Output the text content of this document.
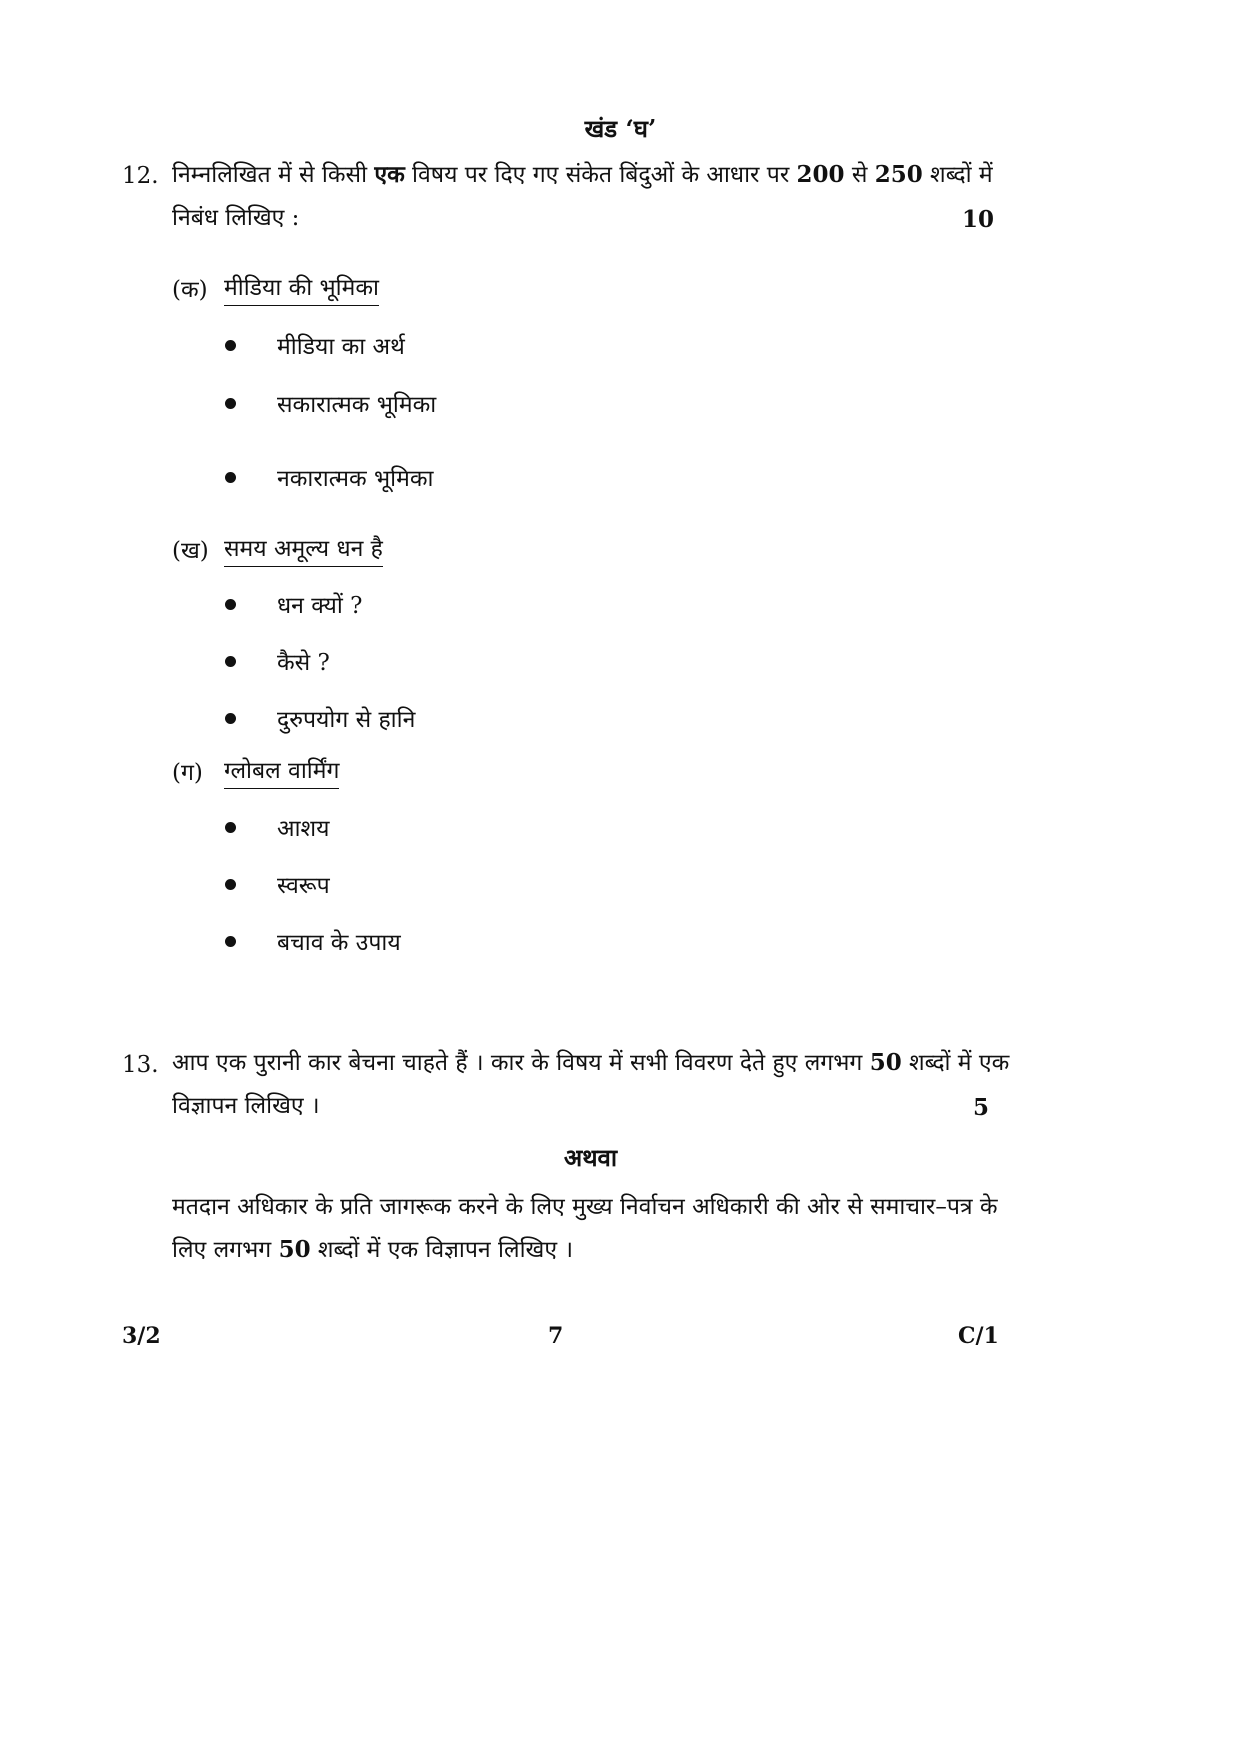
खंड ‘घ’
12. निम्नलिखित में से किसी एक विषय पर दिए गए संकेत बिंदुओं के आधार पर 200 से 250 शब्दों में
निबंध लिखिए :	10
(क) मीडिया की भूमिका
मीडिया का अर्थ
सकारात्मक भूमिका
नकारात्मक भूमिका
(ख) समय अमूल्य धन है
धन क्यों ?
कैसे ?
दुरुपयोग से हानि
(ग) ग्लोबल वार्मिंग
आशय
स्वरूप
बचाव के उपाय
13. आप एक पुरानी कार बेचना चाहते हैं । कार के विषय में सभी विवरण देते हुए लगभग 50 शब्दों में एक
विज्ञापन लिखिए ।	5
अथवा
मतदान अधिकार के प्रति जागरूक करने के लिए मुख्य निर्वाचन अधिकारी की ओर से समाचार–पत्र के
लिए लगभग 50 शब्दों में एक विज्ञापन लिखिए ।
3/2	7	C/1
